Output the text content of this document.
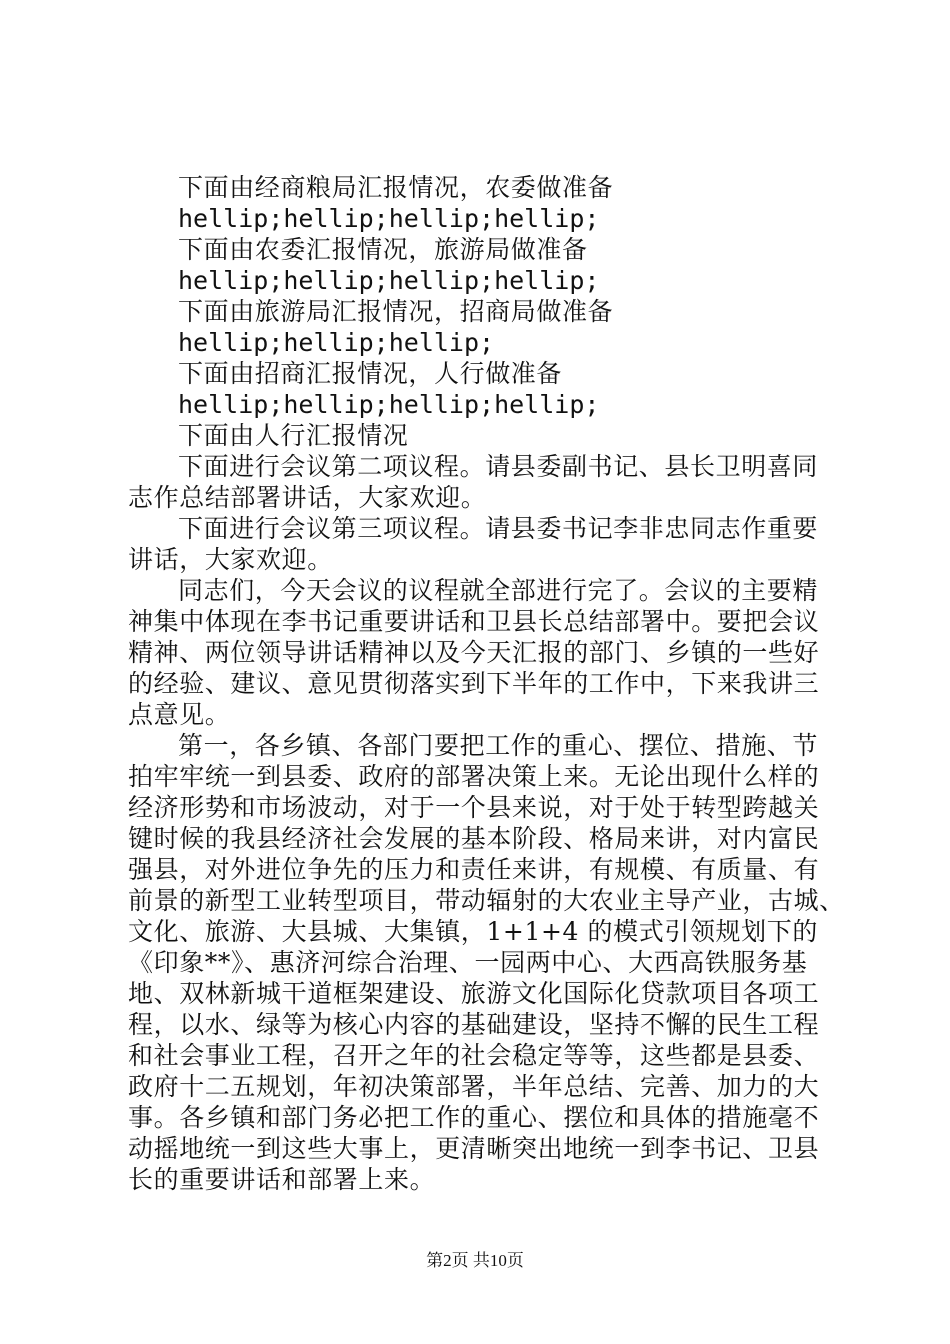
下面由经商粮局汇报情况，农委做准备
hellip;hellip;hellip;hellip;
下面由农委汇报情况，旅游局做准备
hellip;hellip;hellip;hellip;
下面由旅游局汇报情况，招商局做准备
hellip;hellip;hellip;
下面由招商汇报情况，人行做准备
hellip;hellip;hellip;hellip;
下面由人行汇报情况
下面进行会议第二项议程。请县委副书记、县长卫明喜同
志作总结部署讲话，大家欢迎。
下面进行会议第三项议程。请县委书记李非忠同志作重要
讲话，大家欢迎。
同志们，今天会议的议程就全部进行完了。会议的主要精
神集中体现在李书记重要讲话和卫县长总结部署中。要把会议
精神、两位领导讲话精神以及今天汇报的部门、乡镇的一些好
的经验、建议、意见贯彻落实到下半年的工作中，下来我讲三
点意见。
第一，各乡镇、各部门要把工作的重心、摆位、措施、节
拍牢牢统一到县委、政府的部署决策上来。无论出现什么样的
经济形势和市场波动，对于一个县来说，对于处于转型跨越关
键时候的我县经济社会发展的基本阶段、格局来讲，对内富民
强县，对外进位争先的压力和责任来讲，有规模、有质量、有
前景的新型工业转型项目，带动辐射的大农业主导产业，古城、
文化、旅游、大县城、大集镇，1+1+4 的模式引领规划下的
《印象**》、惠济河综合治理、一园两中心、大西高铁服务基
地、双林新城干道框架建设、旅游文化国际化贷款项目各项工
程，以水、绿等为核心内容的基础建设，坚持不懈的民生工程
和社会事业工程，召开之年的社会稳定等等，这些都是县委、
政府十二五规划，年初决策部署，半年总结、完善、加力的大
事。各乡镇和部门务必把工作的重心、摆位和具体的措施毫不
动摇地统一到这些大事上，更清晰突出地统一到李书记、卫县
长的重要讲话和部署上来。
第2页 共10页
